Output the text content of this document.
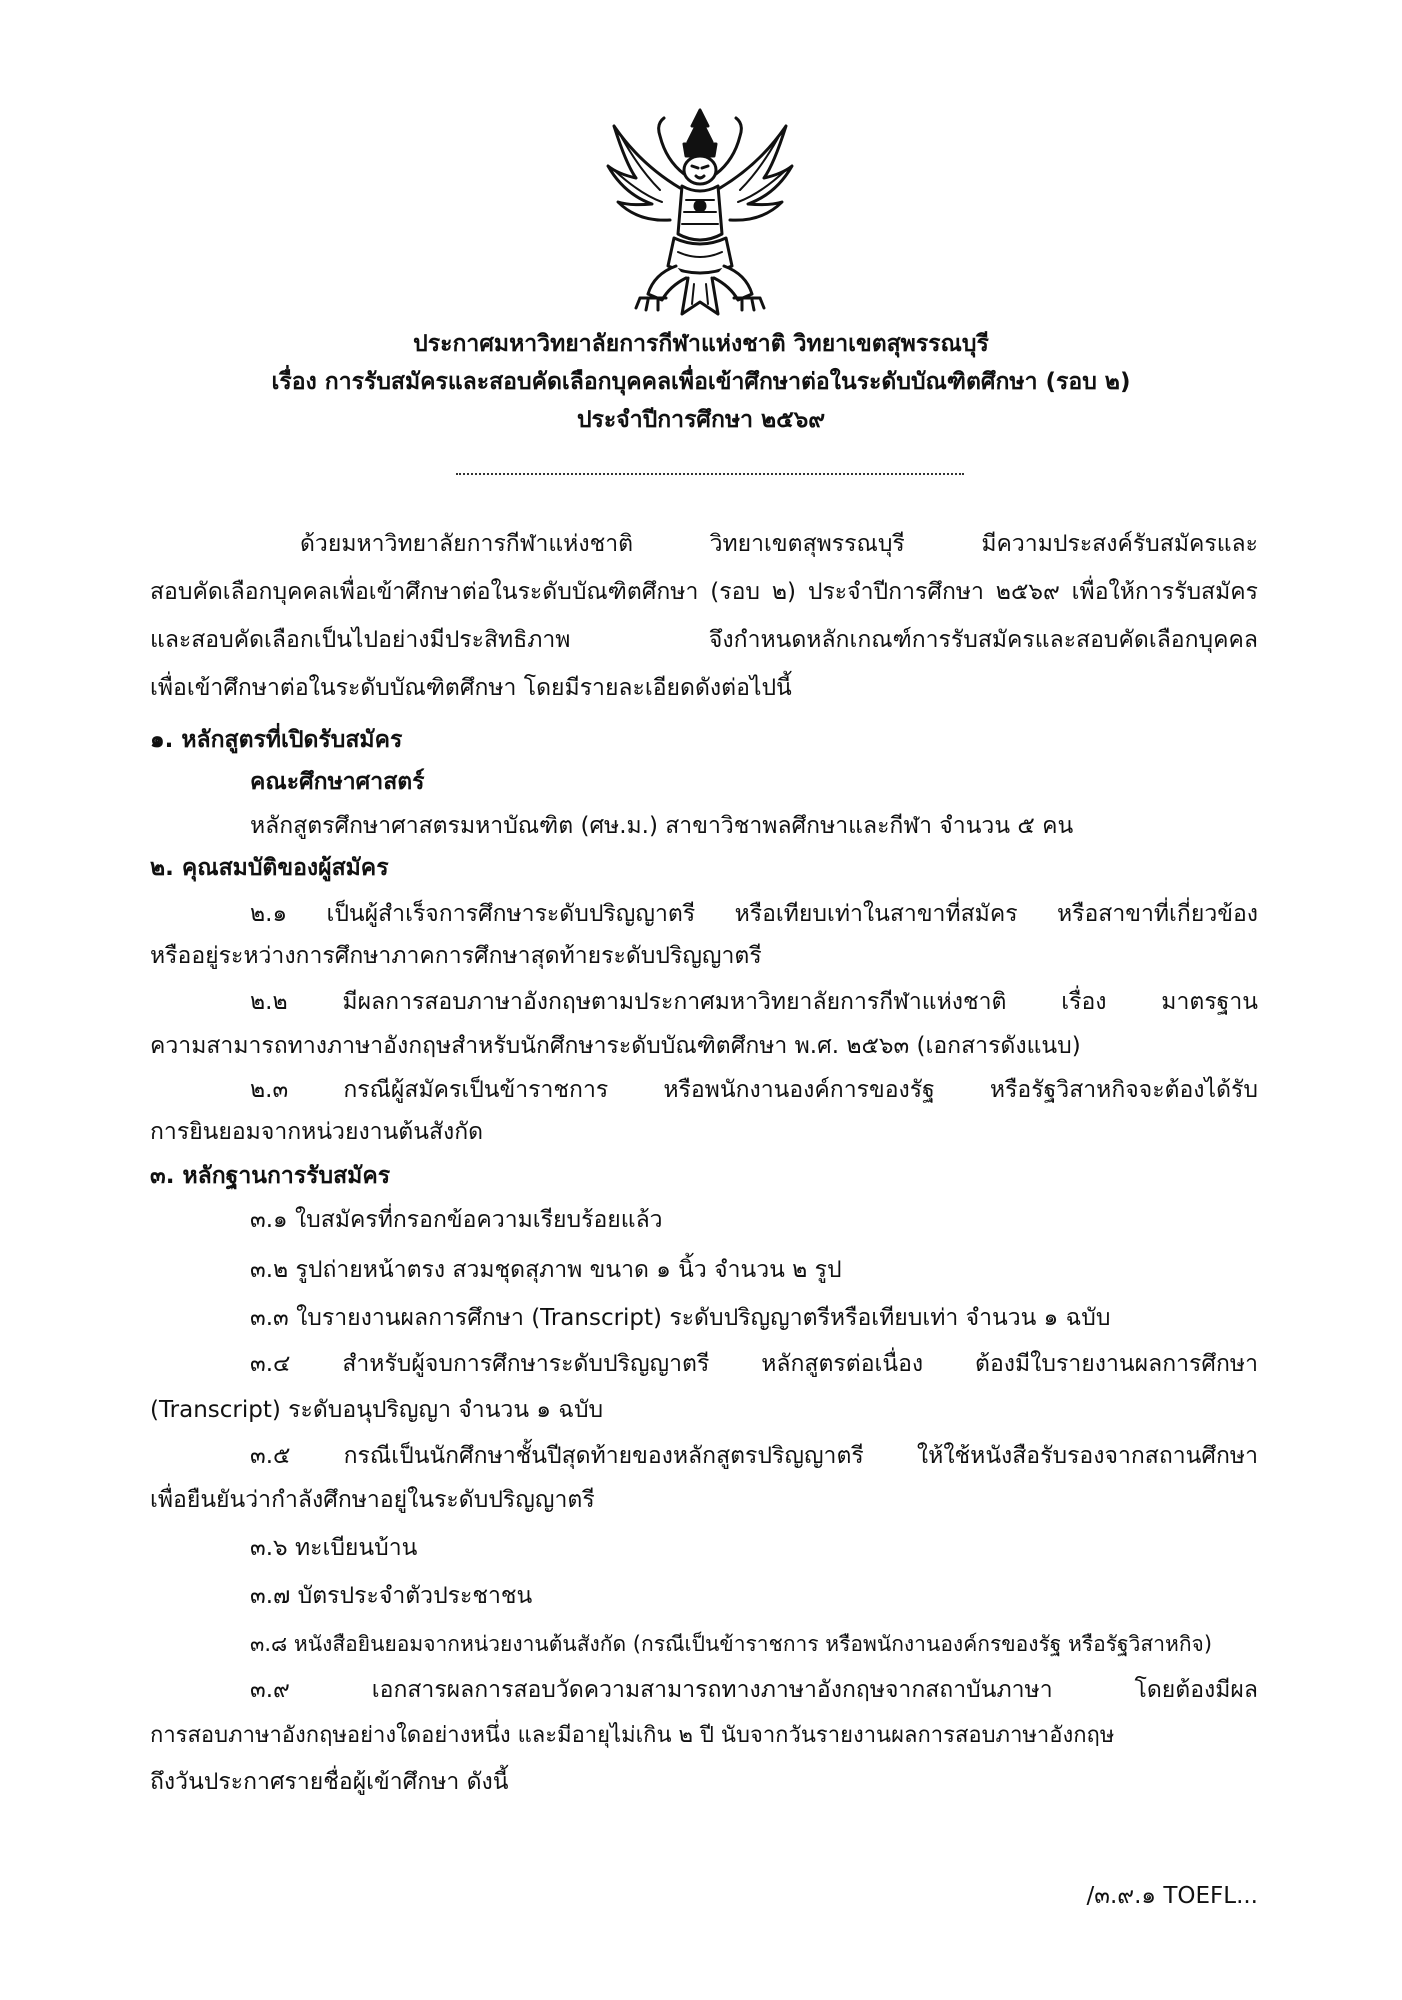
ประกาศมหาวิทยาลัยการกีฬาแห่งชาติ วิทยาเขตสุพรรณบุรี
เรื่อง การรับสมัครและสอบคัดเลือกบุคคลเพื่อเข้าศึกษาต่อในระดับบัณฑิตศึกษา (รอบ ๒)
ประจำปีการศึกษา ๒๕๖๙
ด้วยมหาวิทยาลัยการกีฬาแห่งชาติ วิทยาเขตสุพรรณบุรี มีความประสงค์รับสมัครและ
สอบคัดเลือกบุคคลเพื่อเข้าศึกษาต่อในระดับบัณฑิตศึกษา (รอบ ๒) ประจำปีการศึกษา ๒๕๖๙ เพื่อให้การรับสมัคร
และสอบคัดเลือกเป็นไปอย่างมีประสิทธิภาพ จึงกำหนดหลักเกณฑ์การรับสมัครและสอบคัดเลือกบุคคล
เพื่อเข้าศึกษาต่อในระดับบัณฑิตศึกษา โดยมีรายละเอียดดังต่อไปนี้
๑. หลักสูตรที่เปิดรับสมัคร
คณะศึกษาศาสตร์
หลักสูตรศึกษาศาสตรมหาบัณฑิต (ศษ.ม.) สาขาวิชาพลศึกษาและกีฬา จำนวน ๕ คน
๒. คุณสมบัติของผู้สมัคร
๒.๑ เป็นผู้สำเร็จการศึกษาระดับปริญญาตรี หรือเทียบเท่าในสาขาที่สมัคร หรือสาขาที่เกี่ยวข้อง
หรืออยู่ระหว่างการศึกษาภาคการศึกษาสุดท้ายระดับปริญญาตรี
๒.๒ มีผลการสอบภาษาอังกฤษตามประกาศมหาวิทยาลัยการกีฬาแห่งชาติ เรื่อง มาตรฐาน
ความสามารถทางภาษาอังกฤษสำหรับนักศึกษาระดับบัณฑิตศึกษา พ.ศ. ๒๕๖๓ (เอกสารดังแนบ)
๒.๓ กรณีผู้สมัครเป็นข้าราชการ หรือพนักงานองค์การของรัฐ หรือรัฐวิสาหกิจจะต้องได้รับ
การยินยอมจากหน่วยงานต้นสังกัด
๓. หลักฐานการรับสมัคร
๓.๑ ใบสมัครที่กรอกข้อความเรียบร้อยแล้ว
๓.๒ รูปถ่ายหน้าตรง สวมชุดสุภาพ ขนาด ๑ นิ้ว จำนวน ๒ รูป
๓.๓ ใบรายงานผลการศึกษา (Transcript) ระดับปริญญาตรีหรือเทียบเท่า จำนวน ๑ ฉบับ
๓.๔ สำหรับผู้จบการศึกษาระดับปริญญาตรี หลักสูตรต่อเนื่อง ต้องมีใบรายงานผลการศึกษา
(Transcript) ระดับอนุปริญญา จำนวน ๑ ฉบับ
๓.๕ กรณีเป็นนักศึกษาชั้นปีสุดท้ายของหลักสูตรปริญญาตรี ให้ใช้หนังสือรับรองจากสถานศึกษา
เพื่อยืนยันว่ากำลังศึกษาอยู่ในระดับปริญญาตรี
๓.๖ ทะเบียนบ้าน
๓.๗ บัตรประจำตัวประชาชน
๓.๘ หนังสือยินยอมจากหน่วยงานต้นสังกัด (กรณีเป็นข้าราชการ หรือพนักงานองค์กรของรัฐ หรือรัฐวิสาหกิจ)
๓.๙ เอกสารผลการสอบวัดความสามารถทางภาษาอังกฤษจากสถาบันภาษา โดยต้องมีผล
การสอบภาษาอังกฤษอย่างใดอย่างหนึ่ง และมีอายุไม่เกิน ๒ ปี นับจากวันรายงานผลการสอบภาษาอังกฤษ
ถึงวันประกาศรายชื่อผู้เข้าศึกษา ดังนี้
/๓.๙.๑ TOEFL...
